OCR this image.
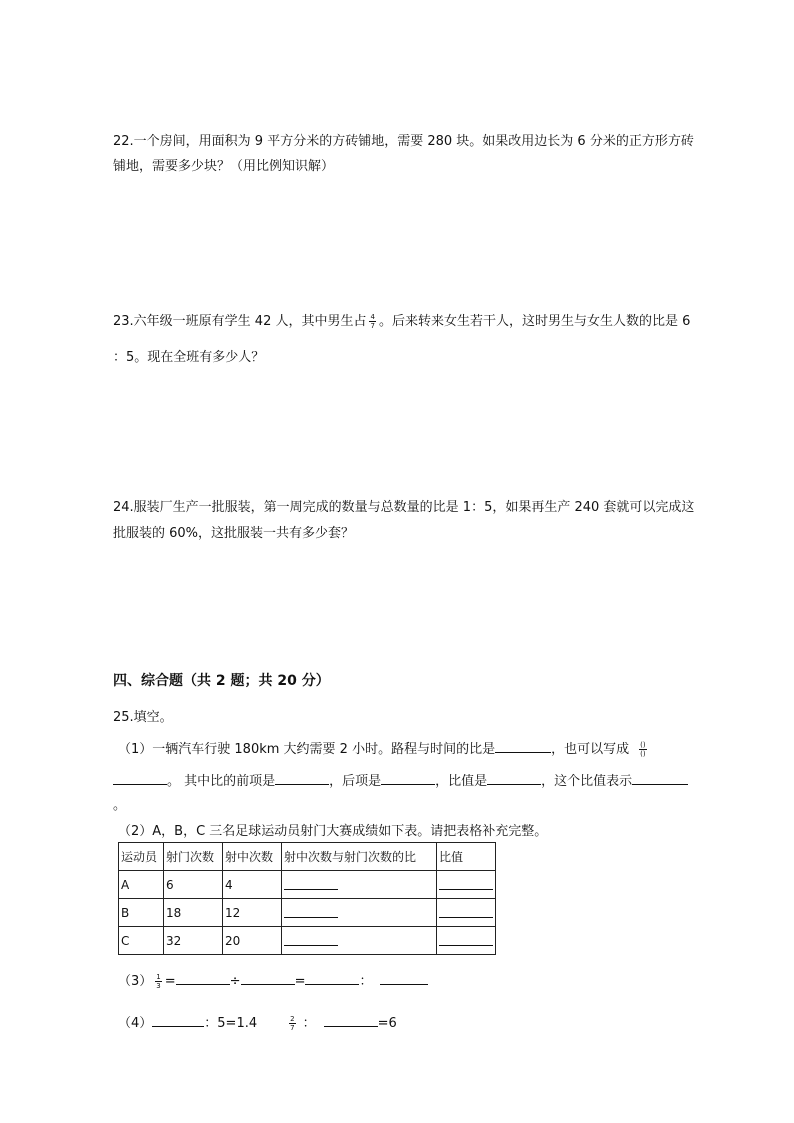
22.一个房间，用面积为 9 平方分米的方砖铺地，需要 280 块。如果改用边长为 6 分米的正方形方砖
铺地，需要多少块？（用比例知识解）
23.六年级一班原有学生 42 人，其中男生占 $\frac{4}{7}$ 。后来转来女生若干人，这时男生与女生人数的比是 6
：5。现在全班有多少人？
24.服装厂生产一批服装，第一周完成的数量与总数量的比是 1：5，如果再生产 240 套就可以完成这
批服装的 60%，这批服装一共有多少套？
四、综合题（共 2 题；共 20 分）
25.填空。
（1）一辆汽车行驶 180km 大约需要 2 小时。路程与时间的比是	，也可以写成 $\frac{()}{()}$
。 其中比的前项是	，后项是	，比值是	，这个比值表示
。
（2）A，B，C 三名足球运动员射门大赛成绩如下表。请把表格补充完整。
运动员	射门次数	射中次数	射中次数与射门次数的比	比值
A	6	4		
B	18	12		
C	32	20		
$(3) \frac{1}{3}$ =	÷	=	：
（4）	：5=1.4	$\frac{2}{7}$ ：	=6
